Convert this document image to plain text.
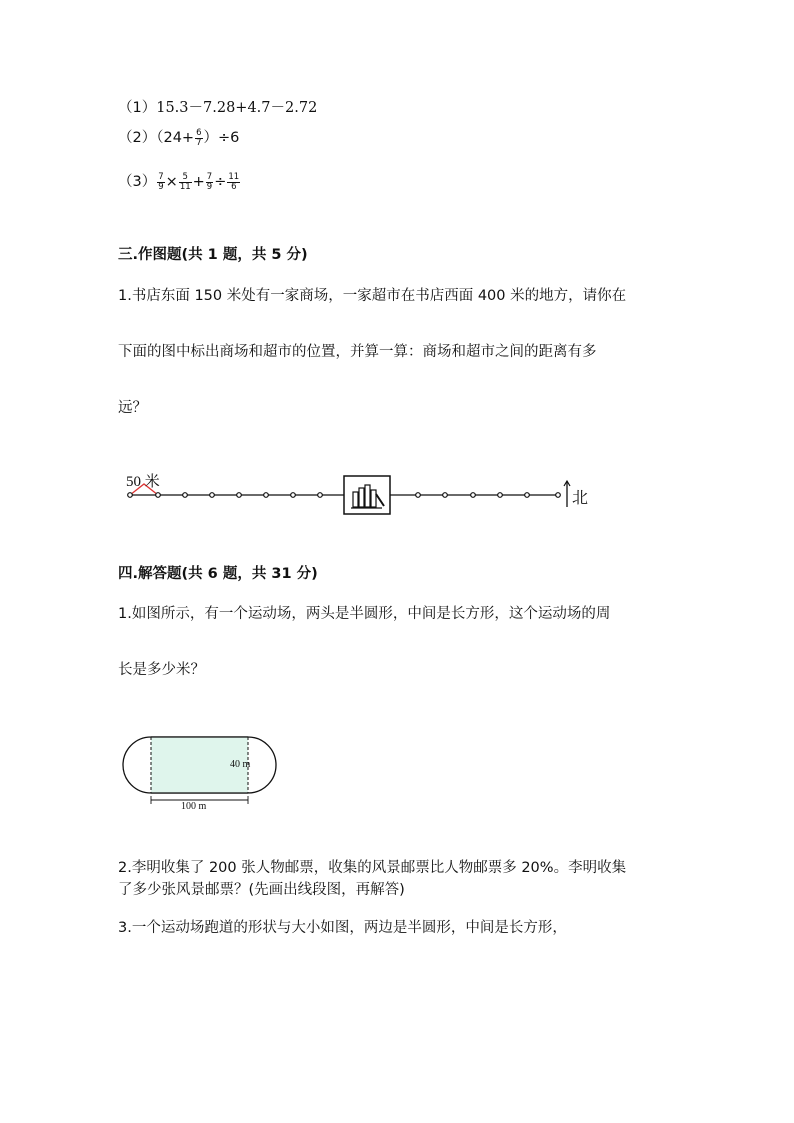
（1）15.3－7.28+4.7－2.72
$(2)(24+ \frac{6}{7} )\div 6$
$(3) \frac{7}{9} \times \frac{5}{11} + \frac{7}{9} \div \frac{11}{6}$
三.作图题(共 1 题，共 5 分)
1.书店东面 150 米处有一家商场，一家超市在书店西面 400 米的地方，请你在
下面的图中标出商场和超市的位置，并算一算：商场和超市之间的距离有多
远？
50 米
北
四.解答题(共 6 题，共 31 分)
1.如图所示，有一个运动场，两头是半圆形，中间是长方形，这个运动场的周
长是多少米？
40 m
100 m
2.李明收集了 200 张人物邮票，收集的风景邮票比人物邮票多 20%。李明收集
了多少张风景邮票？(先画出线段图，再解答)
3.一个运动场跑道的形状与大小如图，两边是半圆形，中间是长方形，
